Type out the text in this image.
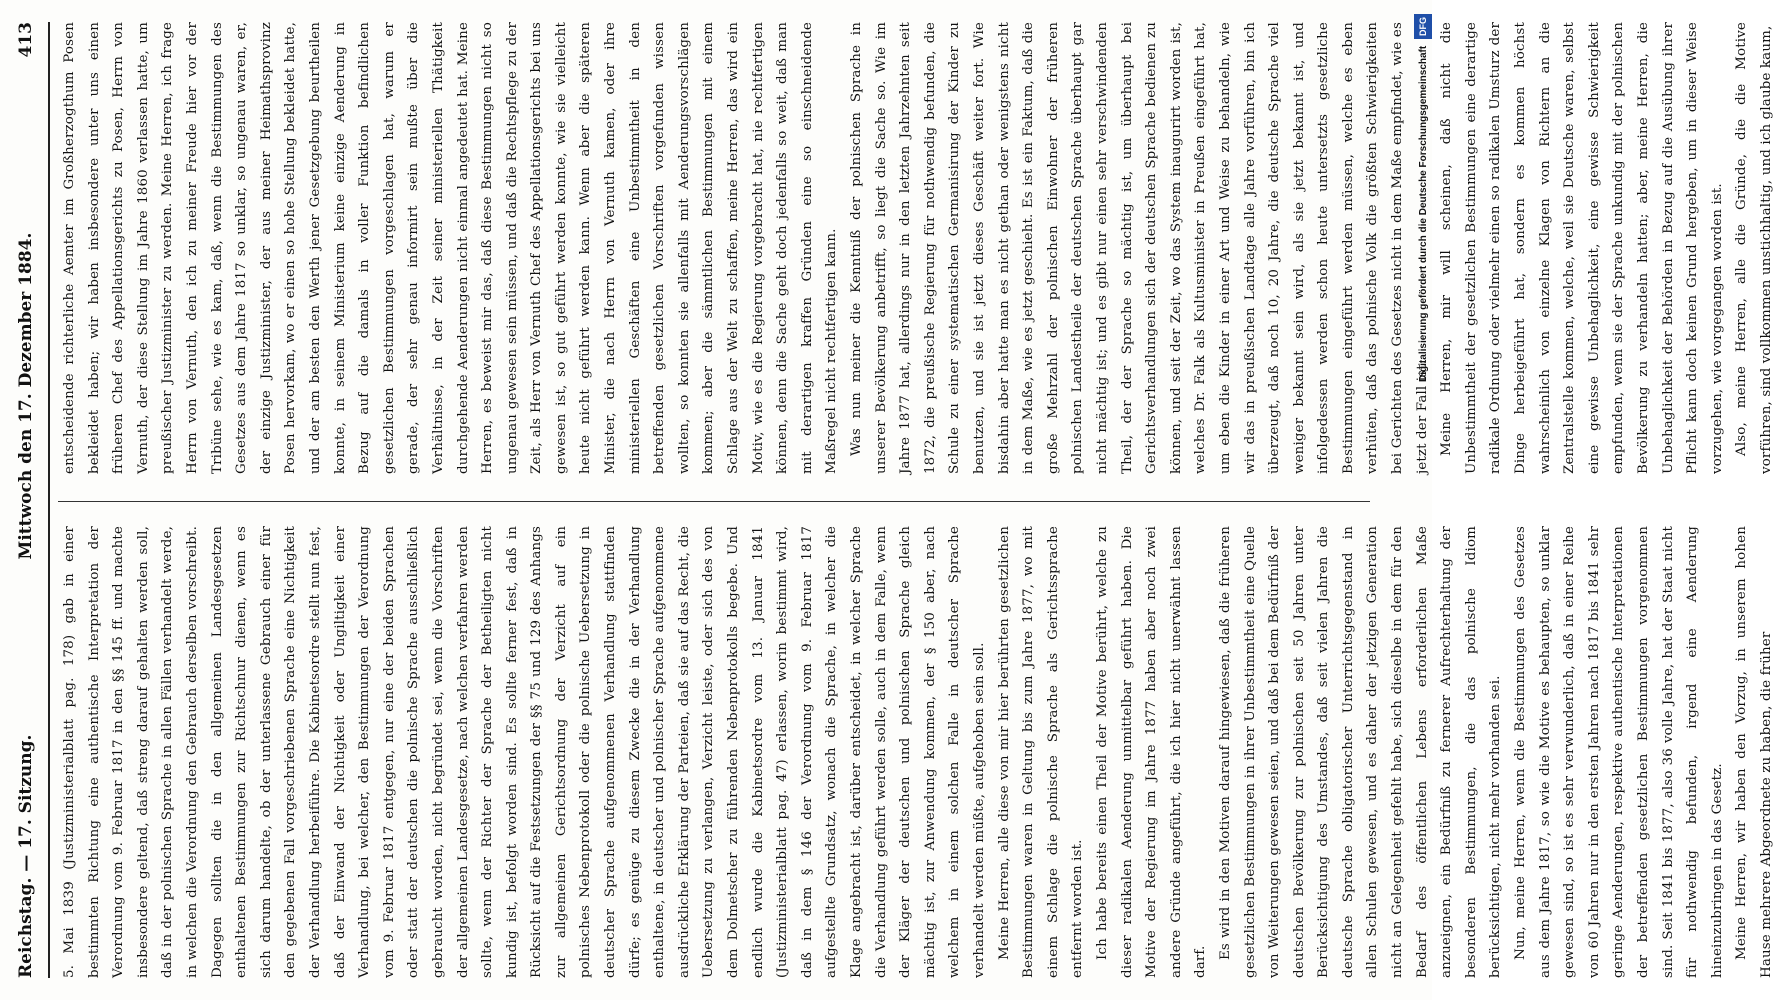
Reichstag. — 17. Sitzung.
Mittwoch den 17. Dezember 1884.
413

5. Mai 1839 (Justizministerialblatt pag. 178) gab in einer bestimmten Richtung eine authentische Interpretation der Verordnung vom 9. Februar 1817 in den §§ 145 ff. und machte insbesondere geltend, daß streng darauf gehalten werden soll, daß in der polnischen Sprache in allen Fällen verhandelt werde, in welchen die Verordnung den Gebrauch derselben vorschreibt. Dagegen sollten die in den allgemeinen Landesgesetzen enthaltenen Bestimmungen zur Richtschnur dienen, wenn es sich darum handelte, ob der unterlassene Gebrauch einer für den gegebenen Fall vorgeschriebenen Sprache eine Nichtigkeit der Verhandlung herbeiführe. Die Kabinetsordre stellt nun fest, daß der Einwand der Nichtigkeit oder Ungiltigkeit einer Verhandlung, bei welcher, den Bestimmungen der Verordnung vom 9. Februar 1817 entgegen, nur eine der beiden Sprachen oder statt der deutschen die polnische Sprache ausschließlich gebraucht worden, nicht begründet sei, wenn die Vorschriften der allgemeinen Landesgesetze, nach welchen verfahren werden sollte, wenn der Richter der Sprache der Betheiligten nicht kundig ist, befolgt worden sind. Es sollte ferner fest, daß in Rücksicht auf die Festsetzungen der §§ 75 und 129 des Anhangs zur allgemeinen Gerichtsordnung der Verzicht auf ein polnisches Nebenprotokoll oder die polnische Uebersetzung in deutscher Sprache aufgenommenen Verhandlung stattfinden dürfe; es genüge zu diesem Zwecke die in der Verhandlung enthaltene, in deutscher und polnischer Sprache aufgenommene ausdrückliche Erklärung der Parteien, daß sie auf das Recht, die Uebersetzung zu verlangen, Verzicht leiste, oder sich des von dem Dolmetscher zu führenden Nebenprotokolls begebe. Und endlich wurde die Kabinetsordre vom 13. Januar 1841 (Justizministerialblatt pag. 47) erlassen, worin bestimmt wird, daß in dem § 146 der Verordnung vom 9. Februar 1817 aufgestellte Grundsatz, wonach die Sprache, in welcher die Klage angebracht ist, darüber entscheidet, in welcher Sprache die Verhandlung geführt werden solle, auch in dem Falle, wenn der Kläger der deutschen und polnischen Sprache gleich mächtig ist, zur Anwendung kommen, der § 150 aber, nach welchem in einem solchen Falle in deutscher Sprache verhandelt werden müßte, aufgehoben sein soll. Meine Herren, alle diese von mir hier berührten gesetzlichen Bestimmungen waren in Geltung bis zum Jahre 1877, wo mit einem Schlage die polnische Sprache als Gerichtssprache entfernt worden ist. Ich habe bereits einen Theil der Motive berührt, welche zu dieser radikalen Aenderung unmittelbar geführt haben. Die Motive der Regierung im Jahre 1877 haben aber noch zwei andere Gründe angeführt, die ich hier nicht unerwähnt lassen darf.

Es wird in den Motiven darauf hingewiesen, daß die früheren gesetzlichen Bestimmungen in ihrer Unbestimmtheit eine Quelle von Weiterungen gewesen seien, und daß bei dem Bedürfniß der deutschen Bevölkerung zur polnischen seit 50 Jahren unter Berücksichtigung des Umstandes, daß seit vielen Jahren die deutsche Sprache obligatorischer Unterrichtsgegenstand in allen Schulen gewesen, und es daher der jetzigen Generation nicht an Gelegenheit gefehlt habe, sich dieselbe in dem für den Bedarf des öffentlichen Lebens erforderlichen Maße anzueignen, ein Bedürfniß zu fernerer Aufrechterhaltung der besonderen Bestimmungen, die das polnische Idiom berücksichtigen, nicht mehr vorhanden sei. Nun, meine Herren, wenn die Bestimmungen des Gesetzes aus dem Jahre 1817, so wie die Motive es behaupten, so unklar gewesen sind, so ist es sehr verwunderlich, daß in einer Reihe von 60 Jahren nur in den ersten Jahren nach 1817 bis 1841 sehr geringe Aenderungen, respektive authentische Interpretationen der betreffenden gesetzlichen Bestimmungen vorgenommen sind. Seit 1841 bis 1877, also 36 volle Jahre, hat der Staat nicht für nothwendig befunden, irgend eine Aenderung hineinzubringen in das Gesetz. Meine Herren, wir haben den Vorzug, in unserem hohen Hause mehrere Abgeordnete zu haben, die früher

entscheidende richterliche Aemter im Großherzogthum Posen bekleidet haben; wir haben insbesondere unter uns einen früheren Chef des Appellationsgerichts zu Posen, Herrn von Vernuth, der diese Stellung im Jahre 1860 verlassen hatte, um preußischer Justizminister zu werden. Meine Herren, ich frage Herrn von Vernuth, den ich zu meiner Freude hier vor der Tribüne sehe, wie es kam, daß, wenn die Bestimmungen des Gesetzes aus dem Jahre 1817 so unklar, so ungenau waren, er, der einzige Justizminister, der aus meiner Heimathsprovinz Posen hervorkam, wo er einen so hohe Stellung bekleidet hatte, und der am besten den Werth jener Gesetzgebung beurtheilen konnte, in seinem Ministerium keine einzige Aenderung in Bezug auf die damals in voller Funktion befindlichen gesetzlichen Bestimmungen vorgeschlagen hat, warum er gerade, der sehr genau informirt sein mußte über die Verhältnisse, in der Zeit seiner ministeriellen Thätigkeit durchgehende Aenderungen nicht einmal angedeutet hat. Meine Herren, es beweist mir das, daß diese Bestimmungen nicht so ungenau gewesen sein müssen, und daß die Rechtspflege zu der Zeit, als Herr von Vernuth Chef des Appellationsgerichts bei uns gewesen ist, so gut geführt werden konnte, wie sie vielleicht heute nicht geführt werden kann. Wenn aber die späteren Minister, die nach Herrn von Vernuth kamen, oder ihre ministeriellen Geschäften eine Unbestimmtheit in den betreffenden gesetzlichen Vorschriften vorgefunden wissen wollten, so konnten sie allenfalls mit Aenderungsvorschlägen kommen; aber die sämmtlichen Bestimmungen mit einem Schlage aus der Welt zu schaffen, meine Herren, das wird ein Motiv, wie es die Regierung vorgebracht hat, nie rechtfertigen können, denn die Sache geht doch jedenfalls so weit, daß man mit derartigen kraffen Gründen eine so einschneidende Maßregel nicht rechtfertigen kann. Was nun meiner die Kenntniß der polnischen Sprache in unserer Bevölkerung anbetrifft, so liegt die Sache so. Wie im Jahre 1877 hat, allerdings nur in den letzten Jahrzehnten seit 1872, die preußische Regierung für nothwendig befunden, die Schule zu einer systematischen Germanisirung der Kinder zu benutzen, und sie ist jetzt dieses Geschäft weiter fort. Wie bisdahin aber hatte man es nicht gethan oder wenigstens nicht in dem Maße, wie es jetzt geschieht. Es ist ein Faktum, daß die große Mehrzahl der polnischen Einwohner der früheren polnischen Landestheile der deutschen Sprache überhaupt gar nicht mächtig ist; und es gibt nur einen sehr verschwindenden Theil, der der Sprache so mächtig ist, um überhaupt bei Gerichtsverhandlungen sich der deutschen Sprache bedienen zu können, und seit der Zeit, wo das System inaugurirt worden ist, welches Dr. Falk als Kultusminister in Preußen eingeführt hat, um eben die Kinder in einer Art und Weise zu behandeln, wie wir das in preußischen Landtage alle Jahre vorführen, bin ich überzeugt, daß noch 10, 20 Jahre, die deutsche Sprache viel weniger bekannt sein wird, als sie jetzt bekannt ist, und infolgedessen werden schon heute untersetzts gesetzliche Bestimmungen eingeführt werden müssen, welche es eben verhüten, daß das polnische Volk die größten Schwierigkeiten bei Gerichten des Gesetzes nicht in dem Maße empfindet, wie es jetzt der Fall ist. Meine Herren, mir will scheinen, daß nicht die Unbestimmtheit der gesetzlichen Bestimmungen eine derartige radikale Ordnung oder vielmehr einen so radikalen Umsturz der Dinge herbeigeführt hat, sondern es kommen höchst wahrscheinlich von einzelne Klagen von Richtern an die Zentralstelle kommen, welche, weil sie Deutsche waren, selbst eine gewisse Unbehaglichkeit, eine gewisse Schwierigkeit empfunden, wenn sie der Sprache unkundig mit der polnischen Bevölkerung zu verhandeln hatten; aber, meine Herren, die Unbehaglichkeit der Behörden in Bezug auf die Ausübung ihrer Pflicht kann doch keinen Grund hergeben, um in dieser Weise vorzugehen, wie vorgegangen worden ist. Also, meine Herren, alle die Gründe, die die Motive vorführen, sind vollkommen unstichhaltig, und ich glaube kaum,

Digitalisierung gefördert durch die Deutsche Forschungsgemeinschaft DFG
